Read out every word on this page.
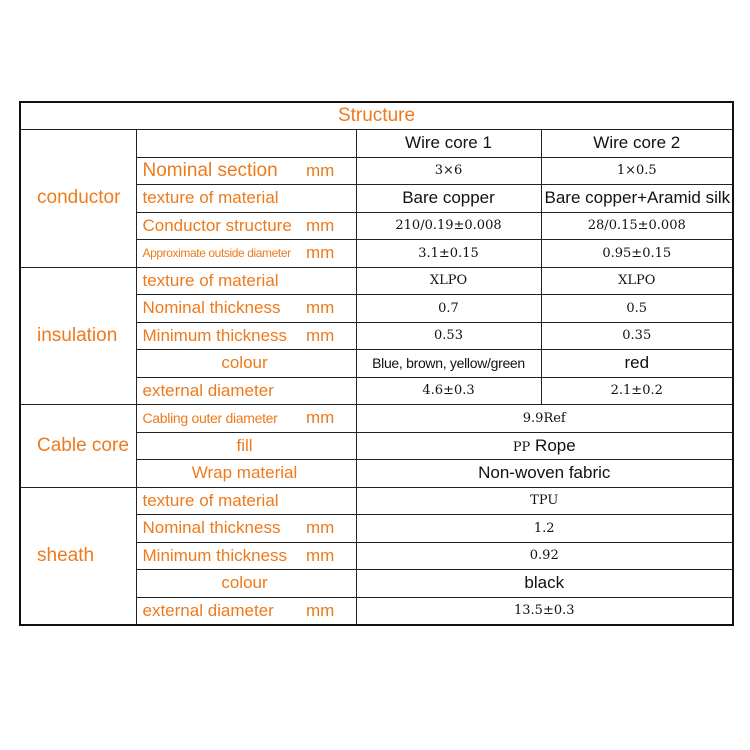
Structure				
conductor			Wire core 1	Wire core 2
	Nominal section	mm	3×6	1×0.5
	texture of material		Bare copper	Bare copper+Aramid silk
	Conductor structure	mm	210/0.19±0.008	28/0.15±0.008
	Approximate outside diameter	mm	3.1±0.15	0.95±0.15
insulation	texture of material		XLPO	XLPO
	Nominal thickness	mm	0.7	0.5
	Minimum thickness	mm	0.53	0.35
	colour		Blue, brown, yellow/green	red
	external diameter		4.6±0.3	2.1±0.2
Cable core	Cabling outer diameter	mm	9.9Ref	
	fill		PP Rope	
	Wrap material		Non-woven fabric	
sheath	texture of material		TPU	
	Nominal thickness	mm	1.2	
	Minimum thickness	mm	0.92	
	colour		black	
	external diameter	mm	13.5±0.3	
